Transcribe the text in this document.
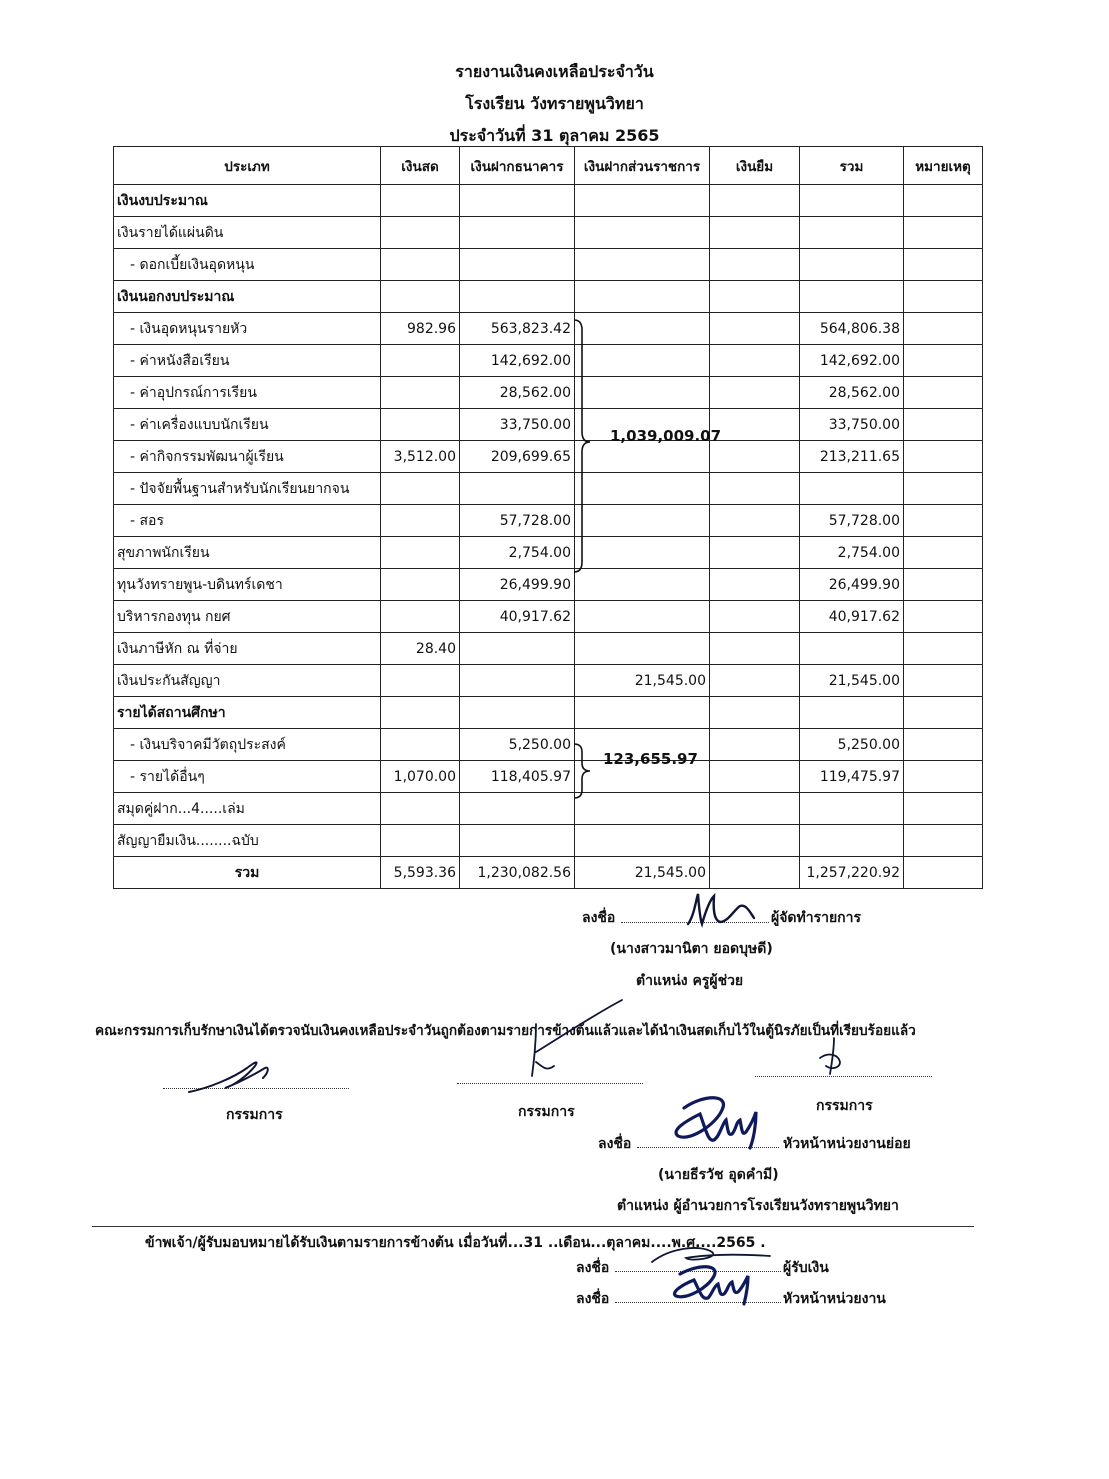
รายงานเงินคงเหลือประจำวัน
โรงเรียน วังทรายพูนวิทยา
ประจำวันที่ 31 ตุลาคม 2565
ประเภท	เงินสด	เงินฝากธนาคาร	เงินฝากส่วนราชการ	เงินยืม	รวม	หมายเหตุ
เงินงบประมาณ						
เงินรายได้แผ่นดิน						
- ดอกเบี้ยเงินอุดหนุน						
เงินนอกงบประมาณ						
- เงินอุดหนุนรายหัว	982.96	563,823.42			564,806.38	
- ค่าหนังสือเรียน		142,692.00			142,692.00	
- ค่าอุปกรณ์การเรียน		28,562.00			28,562.00	
- ค่าเครื่องแบบนักเรียน		33,750.00			33,750.00	
- ค่ากิจกรรมพัฒนาผู้เรียน	3,512.00	209,699.65			213,211.65	
- ปัจจัยพื้นฐานสำหรับนักเรียนยากจน						
- สอร		57,728.00			57,728.00	
สุขภาพนักเรียน		2,754.00			2,754.00	
ทุนวังทรายพูน-บดินทร์เดชา		26,499.90			26,499.90	
บริหารกองทุน กยศ		40,917.62			40,917.62	
เงินภาษีหัก ณ ที่จ่าย	28.40					
เงินประกันสัญญา			21,545.00		21,545.00	
รายได้สถานศึกษา						
- เงินบริจาคมีวัตถุประสงค์		5,250.00			5,250.00	
- รายได้อื่นๆ	1,070.00	118,405.97			119,475.97	
สมุดคู่ฝาก...4.....เล่ม						
สัญญายืมเงิน........ฉบับ						
รวม	5,593.36	1,230,082.56	21,545.00		1,257,220.92	
1,039,009.07
123,655.97
ลงชื่อ	ผู้จัดทำรายการ
(นางสาวมานิตา ยอดบุษดี)
ตำแหน่ง ครูผู้ช่วย
คณะกรรมการเก็บรักษาเงินได้ตรวจนับเงินคงเหลือประจำวันถูกต้องตามรายการข้างต้นแล้วและได้นำเงินสดเก็บไว้ในตู้นิรภัยเป็นที่เรียบร้อยแล้ว
กรรมการ	กรรมการ	กรรมการ
ลงชื่อ	หัวหน้าหน่วยงานย่อย
(นายธีรวัช อุดคำมี)
ตำแหน่ง ผู้อำนวยการโรงเรียนวังทรายพูนวิทยา
ข้าพเจ้า/ผู้รับมอบหมายได้รับเงินตามรายการข้างต้น เมื่อวันที่...31 ..เดือน...ตุลาคม....พ.ศ....2565 .
ลงชื่อ	ผู้รับเงิน
ลงชื่อ	หัวหน้าหน่วยงาน
